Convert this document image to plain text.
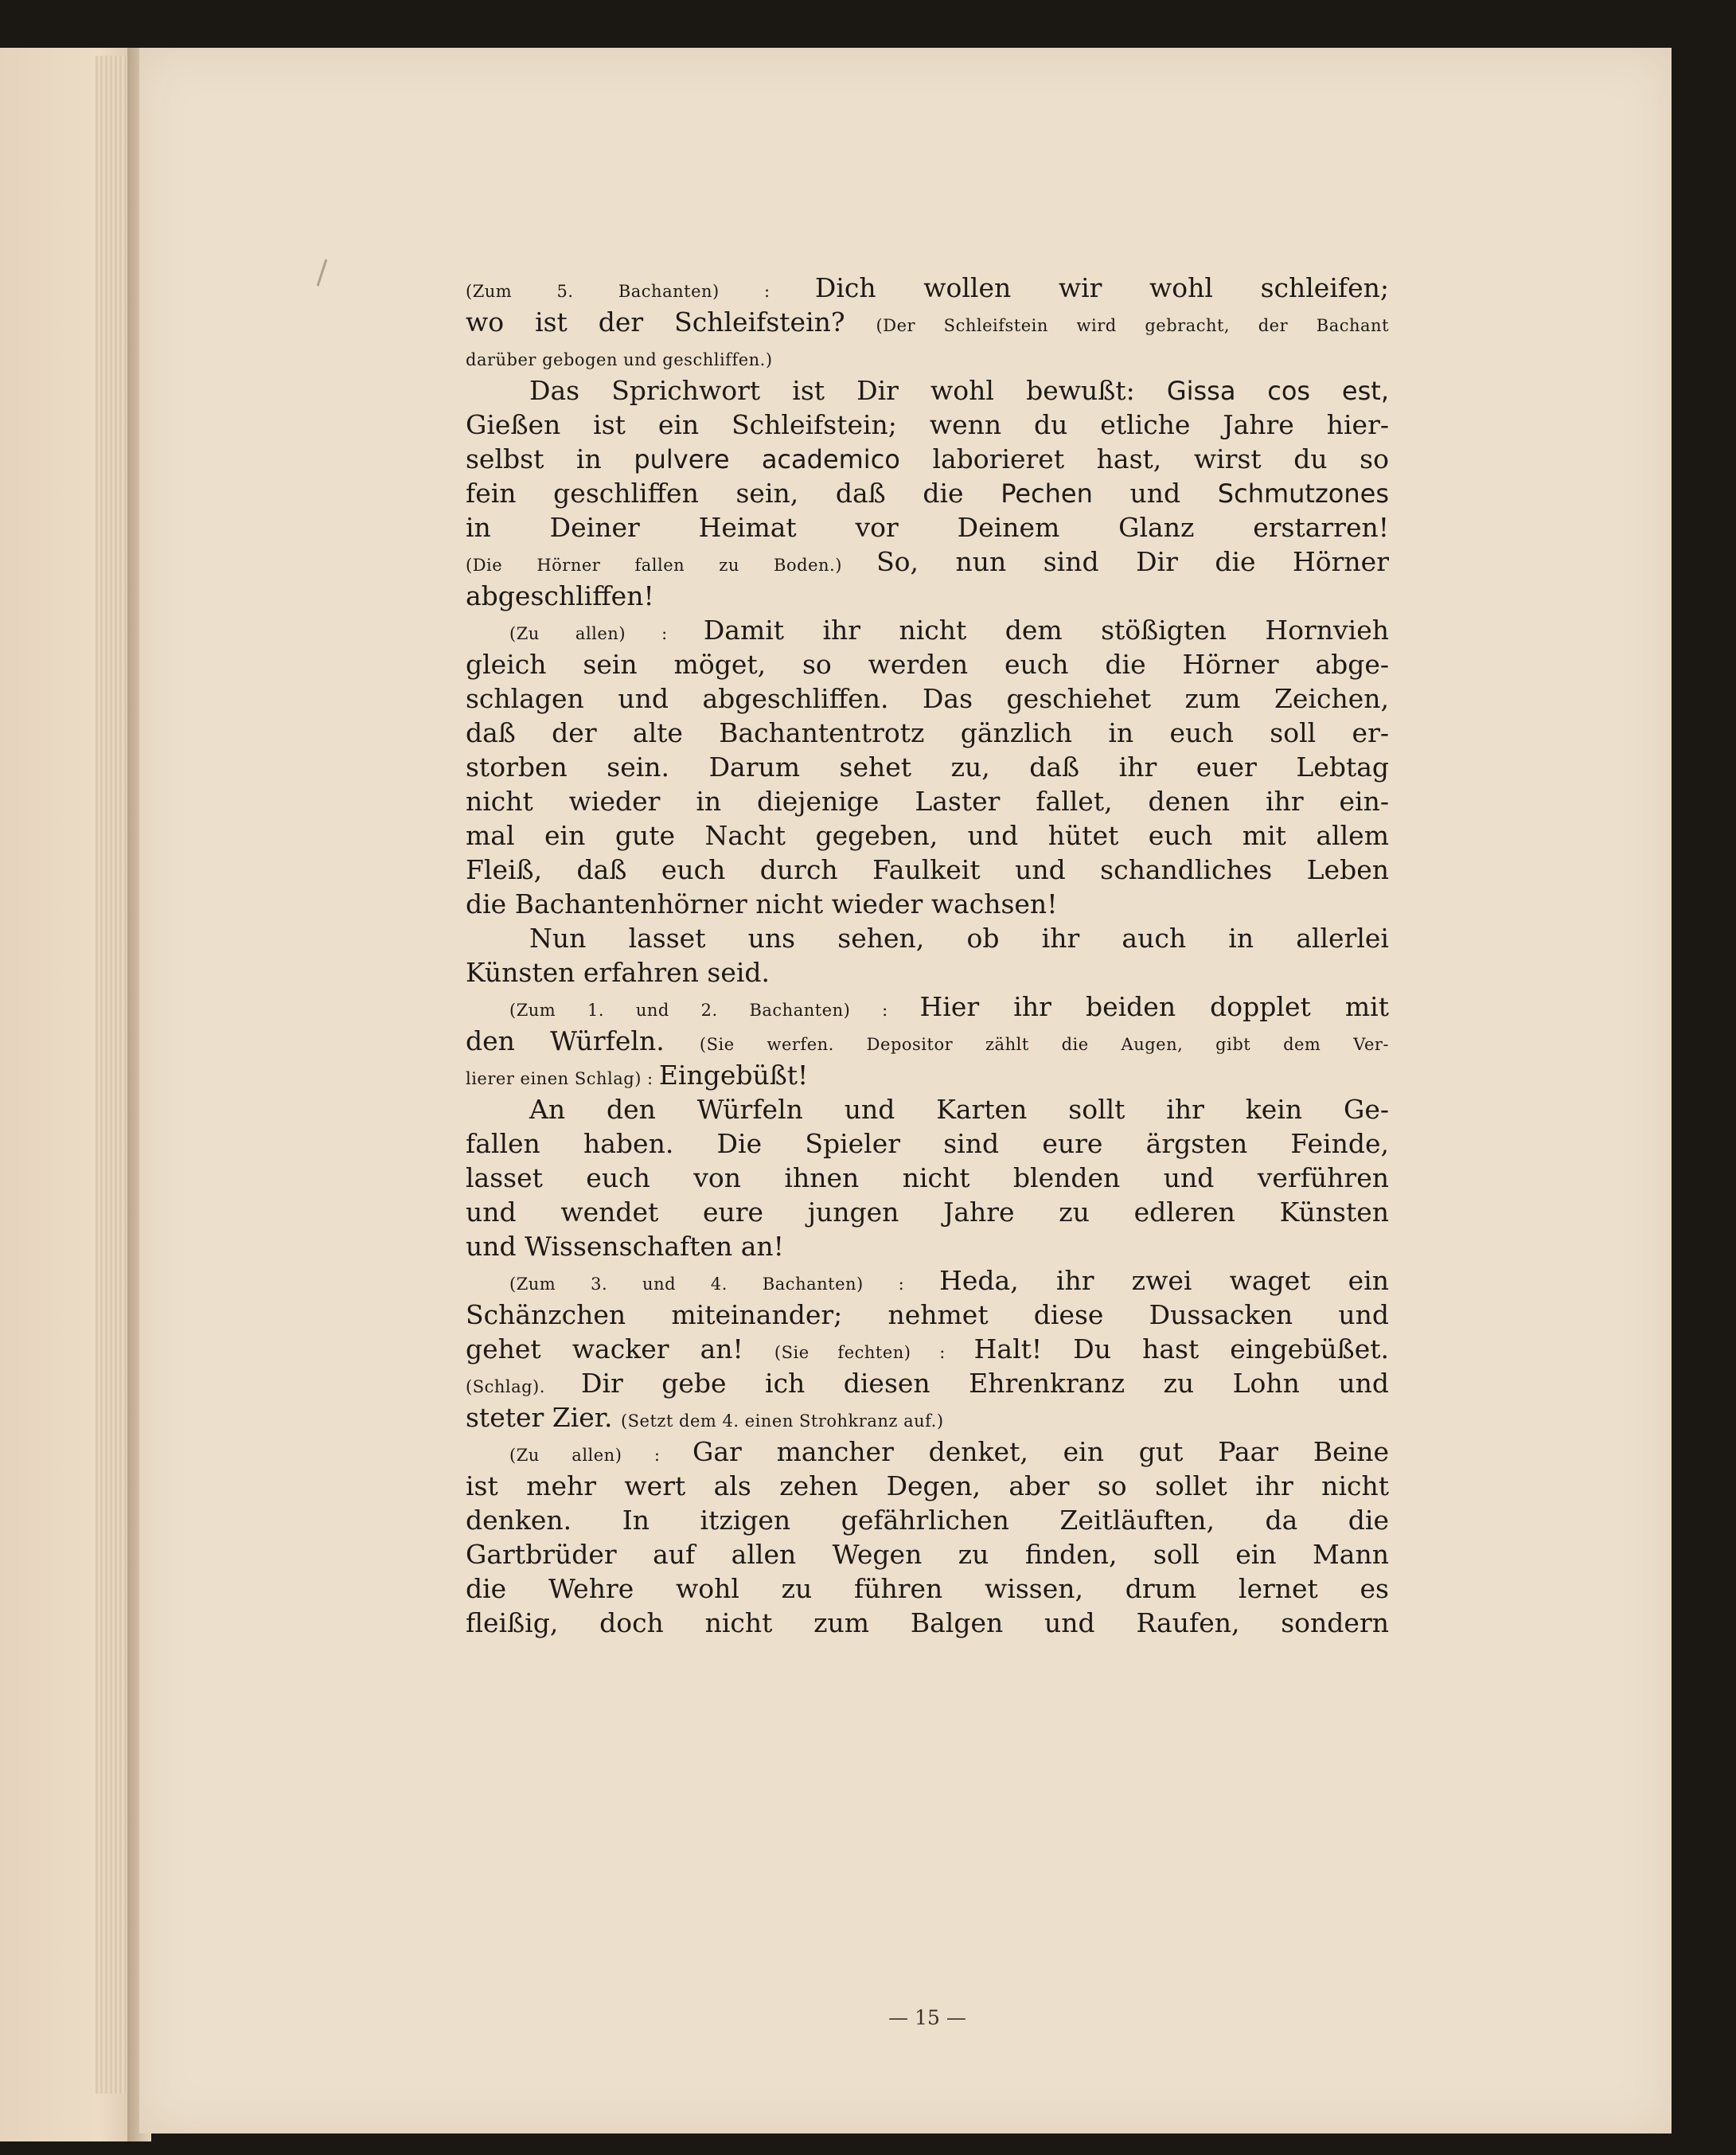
(Zum 5. Bachanten) : Dich wollen wir wohl schleifen;
wo ist der Schleifstein? (Der Schleifstein wird gebracht, der Bachant
darüber gebogen und geschliffen.)
Das Sprichwort ist Dir wohl bewußt: Gissa cos est,
Gießen ist ein Schleifstein; wenn du etliche Jahre hier-
selbst in pulvere academico laborieret hast, wirst du so
fein geschliffen sein, daß die Pechen und Schmutzones
in Deiner Heimat vor Deinem Glanz erstarren!
(Die Hörner fallen zu Boden.) So, nun sind Dir die Hörner
abgeschliffen!
(Zu allen) : Damit ihr nicht dem stößigten Hornvieh
gleich sein möget, so werden euch die Hörner abge-
schlagen und abgeschliffen. Das geschiehet zum Zeichen,
daß der alte Bachantentrotz gänzlich in euch soll er-
storben sein. Darum sehet zu, daß ihr euer Lebtag
nicht wieder in diejenige Laster fallet, denen ihr ein-
mal ein gute Nacht gegeben, und hütet euch mit allem
Fleiß, daß euch durch Faulkeit und schandliches Leben
die Bachantenhörner nicht wieder wachsen!
Nun lasset uns sehen, ob ihr auch in allerlei
Künsten erfahren seid.
(Zum 1. und 2. Bachanten) : Hier ihr beiden dopplet mit
den Würfeln. (Sie werfen. Depositor zählt die Augen, gibt dem Ver-
lierer einen Schlag) : Eingebüßt!
An den Würfeln und Karten sollt ihr kein Ge-
fallen haben. Die Spieler sind eure ärgsten Feinde,
lasset euch von ihnen nicht blenden und verführen
und wendet eure jungen Jahre zu edleren Künsten
und Wissenschaften an!
(Zum 3. und 4. Bachanten) : Heda, ihr zwei waget ein
Schänzchen miteinander; nehmet diese Dussacken und
gehet wacker an! (Sie fechten) : Halt! Du hast eingebüßet.
(Schlag). Dir gebe ich diesen Ehrenkranz zu Lohn und
steter Zier. (Setzt dem 4. einen Strohkranz auf.)
(Zu allen) : Gar mancher denket, ein gut Paar Beine
ist mehr wert als zehen Degen, aber so sollet ihr nicht
denken. In itzigen gefährlichen Zeitläuften, da die
Gartbrüder auf allen Wegen zu finden, soll ein Mann
die Wehre wohl zu führen wissen, drum lernet es
fleißig, doch nicht zum Balgen und Raufen, sondern
— 15 —
